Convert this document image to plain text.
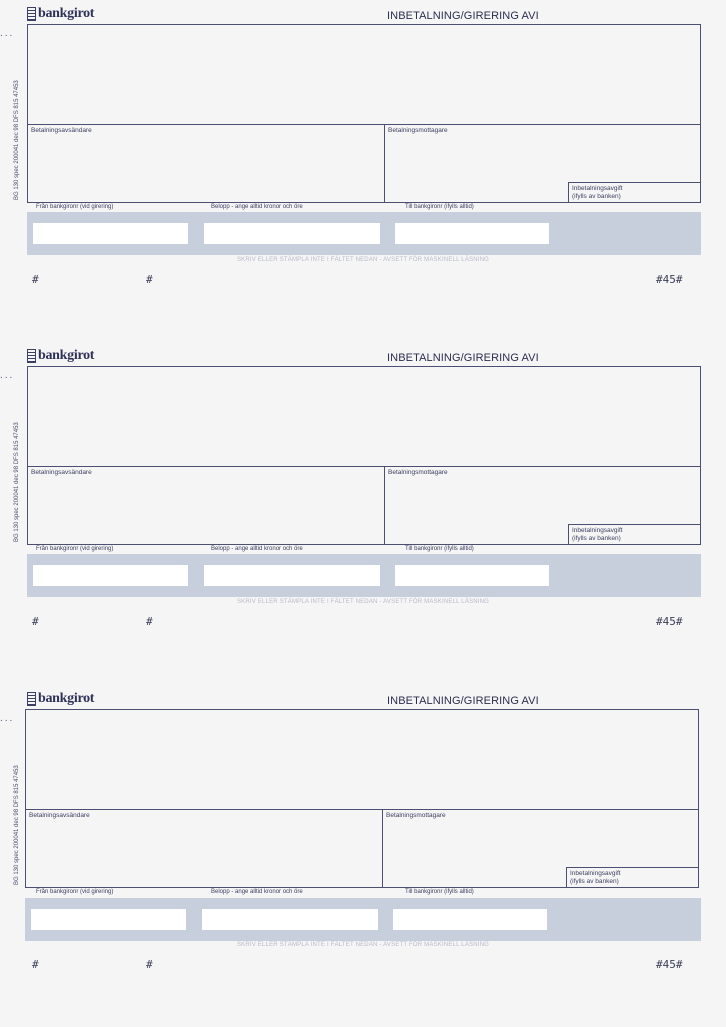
...
bankgirot	INBETALNING/GIRERING AVI
BG 130 spec 200041 dec 98 DFS 815 47453 Betalningsavsändare	Betalningsmottagare
Inbetalningsavgift
(ifylls av banken)
Från bankgironr (vid girering)	Belopp - ange alltid kronor och öre	Till bankgironr (ifylls alltid)
SKRIV ELLER STÄMPLA INTE I FÄLTET NEDAN - AVSETT FÖR MASKINELL LÄSNING
#	#	#45#
...
bankgirot	INBETALNING/GIRERING AVI
BG 130 spec 200041 dec 98 DFS 815 47453 Betalningsavsändare	Betalningsmottagare
Inbetalningsavgift
(ifylls av banken)
Från bankgironr (vid girering)	Belopp - ange alltid kronor och öre	Till bankgironr (ifylls alltid)
SKRIV ELLER STÄMPLA INTE I FÄLTET NEDAN - AVSETT FÖR MASKINELL LÄSNING
#	#	#45#
...
bankgirot	INBETALNING/GIRERING AVI
BG 130 spec 200041 dec 98 DFS 815 47453 Betalningsavsändare	Betalningsmottagare
Inbetalningsavgift
(ifylls av banken)
Från bankgironr (vid girering)	Belopp - ange alltid kronor och öre	Till bankgironr (ifylls alltid)
SKRIV ELLER STÄMPLA INTE I FÄLTET NEDAN - AVSETT FÖR MASKINELL LÄSNING
#	#	#45#
